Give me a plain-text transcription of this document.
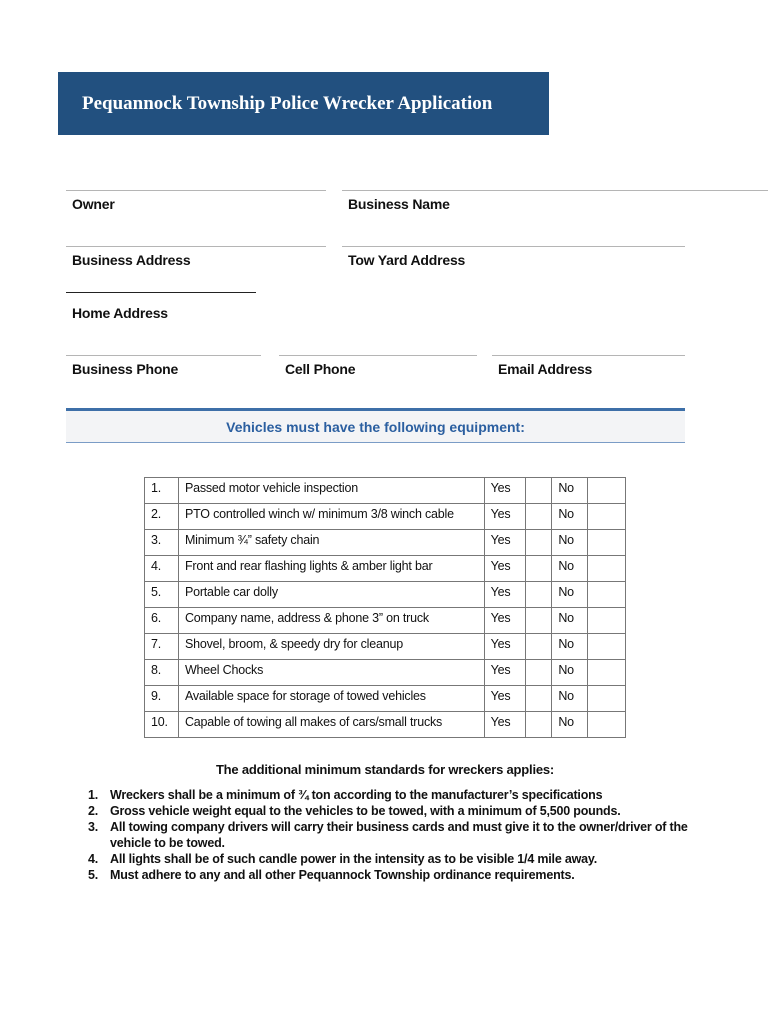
Pequannock Township Police Wrecker Application
Owner	Business Name
Business Address	Tow Yard Address
Home Address
Business Phone	Cell Phone	Email Address
Vehicles must have the following equipment:
1.	Passed motor vehicle inspection	Yes		No	
2.	PTO controlled winch w/ minimum 3/8 winch cable	Yes		No	
3.	Minimum ¾” safety chain	Yes		No	
4.	Front and rear flashing lights & amber light bar	Yes		No	
5.	Portable car dolly	Yes		No	
6.	Company name, address & phone 3” on truck	Yes		No	
7.	Shovel, broom, & speedy dry for cleanup	Yes		No	
8.	Wheel Chocks	Yes		No	
9.	Available space for storage of towed vehicles	Yes		No	
10.	Capable of towing all makes of cars/small trucks	Yes		No	
The additional minimum standards for wreckers applies:
1. Wreckers shall be a minimum of ¾ ton according to the manufacturer’s specifications
2. Gross vehicle weight equal to the vehicles to be towed, with a minimum of 5,500 pounds.
3. All towing company drivers will carry their business cards and must give it to the owner/driver of the vehicle to be towed.
4. All lights shall be of such candle power in the intensity as to be visible 1/4 mile away.
5. Must adhere to any and all other Pequannock Township ordinance requirements.
